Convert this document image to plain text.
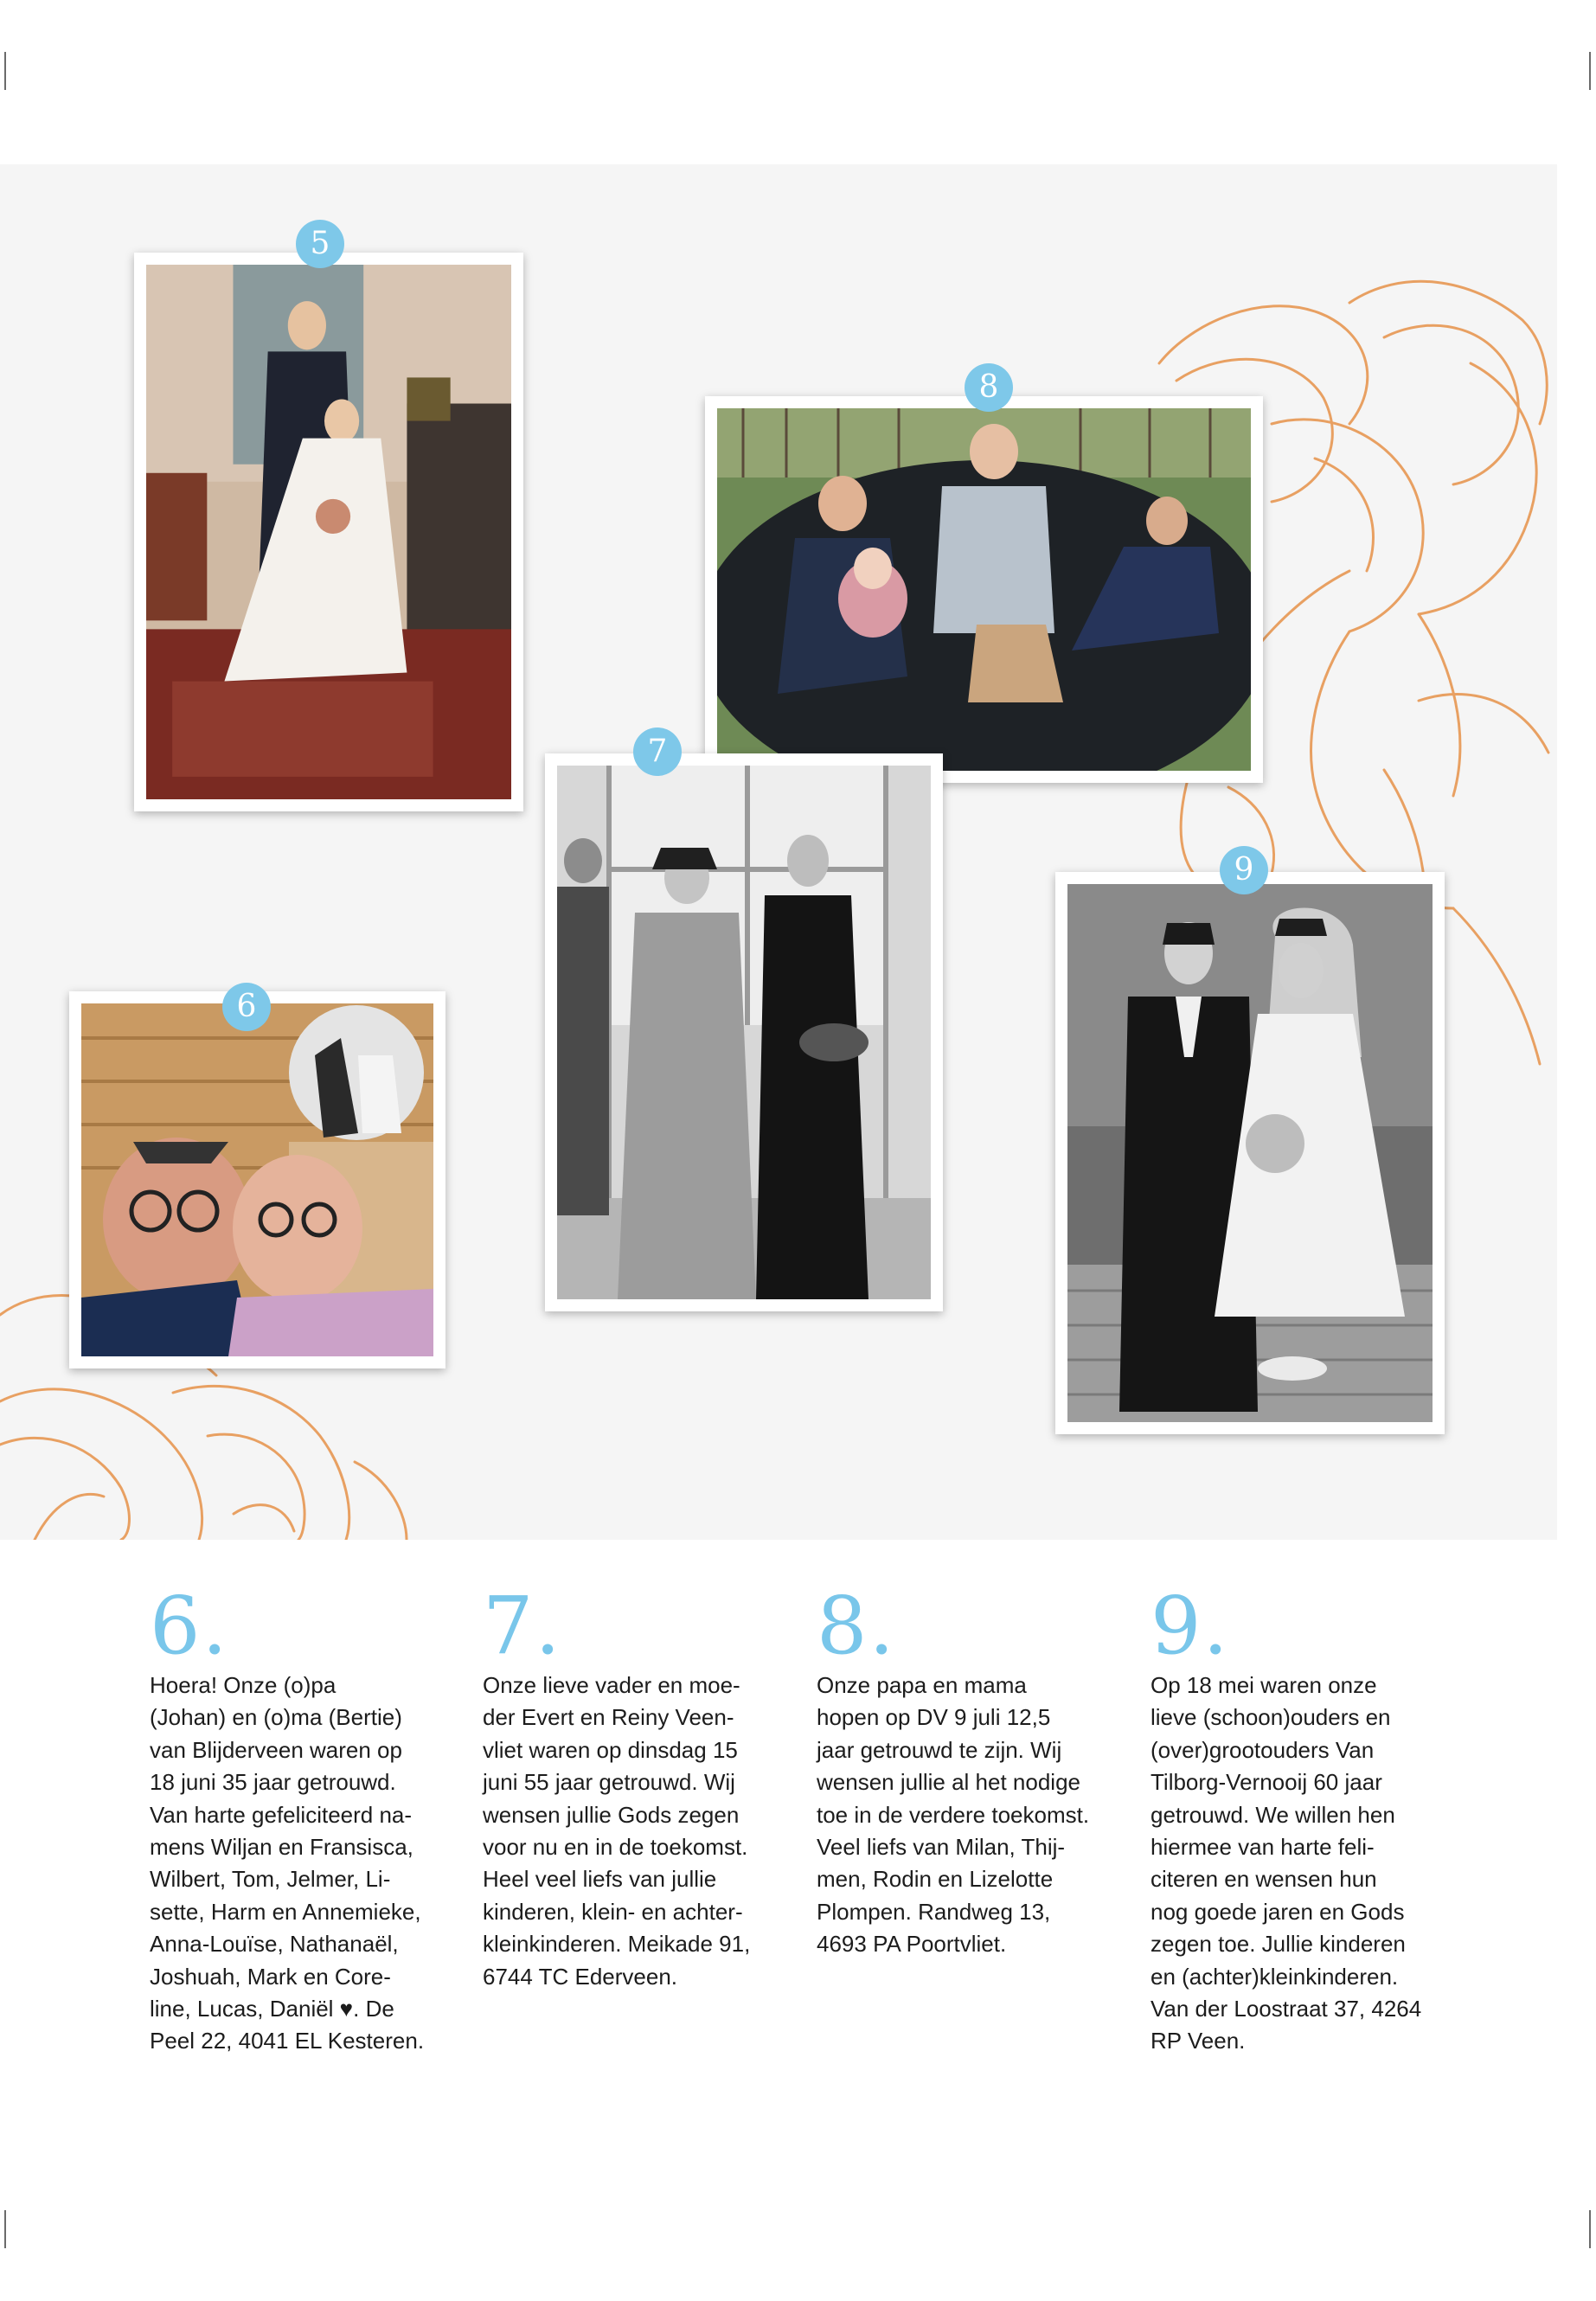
5
8
7
6
9
6.

Hoera! Onze (o)pa
(Johan) en (o)ma (Bertie)
van Blijderveen waren op
18 juni 35 jaar getrouwd.
Van harte gefeliciteerd na-
mens Wiljan en Fransisca,
Wilbert, Tom, Jelmer, Li-
sette, Harm en Annemieke,
Anna-Louïse, Nathanaël,
Joshuah, Mark en Core-
line, Lucas, Daniël ♥. De
Peel 22, 4041 EL Kesteren.

7.

Onze lieve vader en moe-
der Evert en Reiny Veen-
vliet waren op dinsdag 15
juni 55 jaar getrouwd. Wij
wensen jullie Gods zegen
voor nu en in de toekomst.
Heel veel liefs van jullie
kinderen, klein- en achter-
kleinkinderen. Meikade 91,
6744 TC Ederveen.

8.

Onze papa en mama
hopen op DV 9 juli 12,5
jaar getrouwd te zijn. Wij
wensen jullie al het nodige
toe in de verdere toekomst.
Veel liefs van Milan, Thij-
men, Rodin en Lizelotte
Plompen. Randweg 13,
4693 PA Poortvliet.

9.

Op 18 mei waren onze
lieve (schoon)ouders en
(over)grootouders Van
Tilborg-Vernooij 60 jaar
getrouwd. We willen hen
hiermee van harte feli-
citeren en wensen hun
nog goede jaren en Gods
zegen toe. Jullie kinderen
en (achter)kleinkinderen.
Van der Loostraat 37, 4264
RP Veen.
